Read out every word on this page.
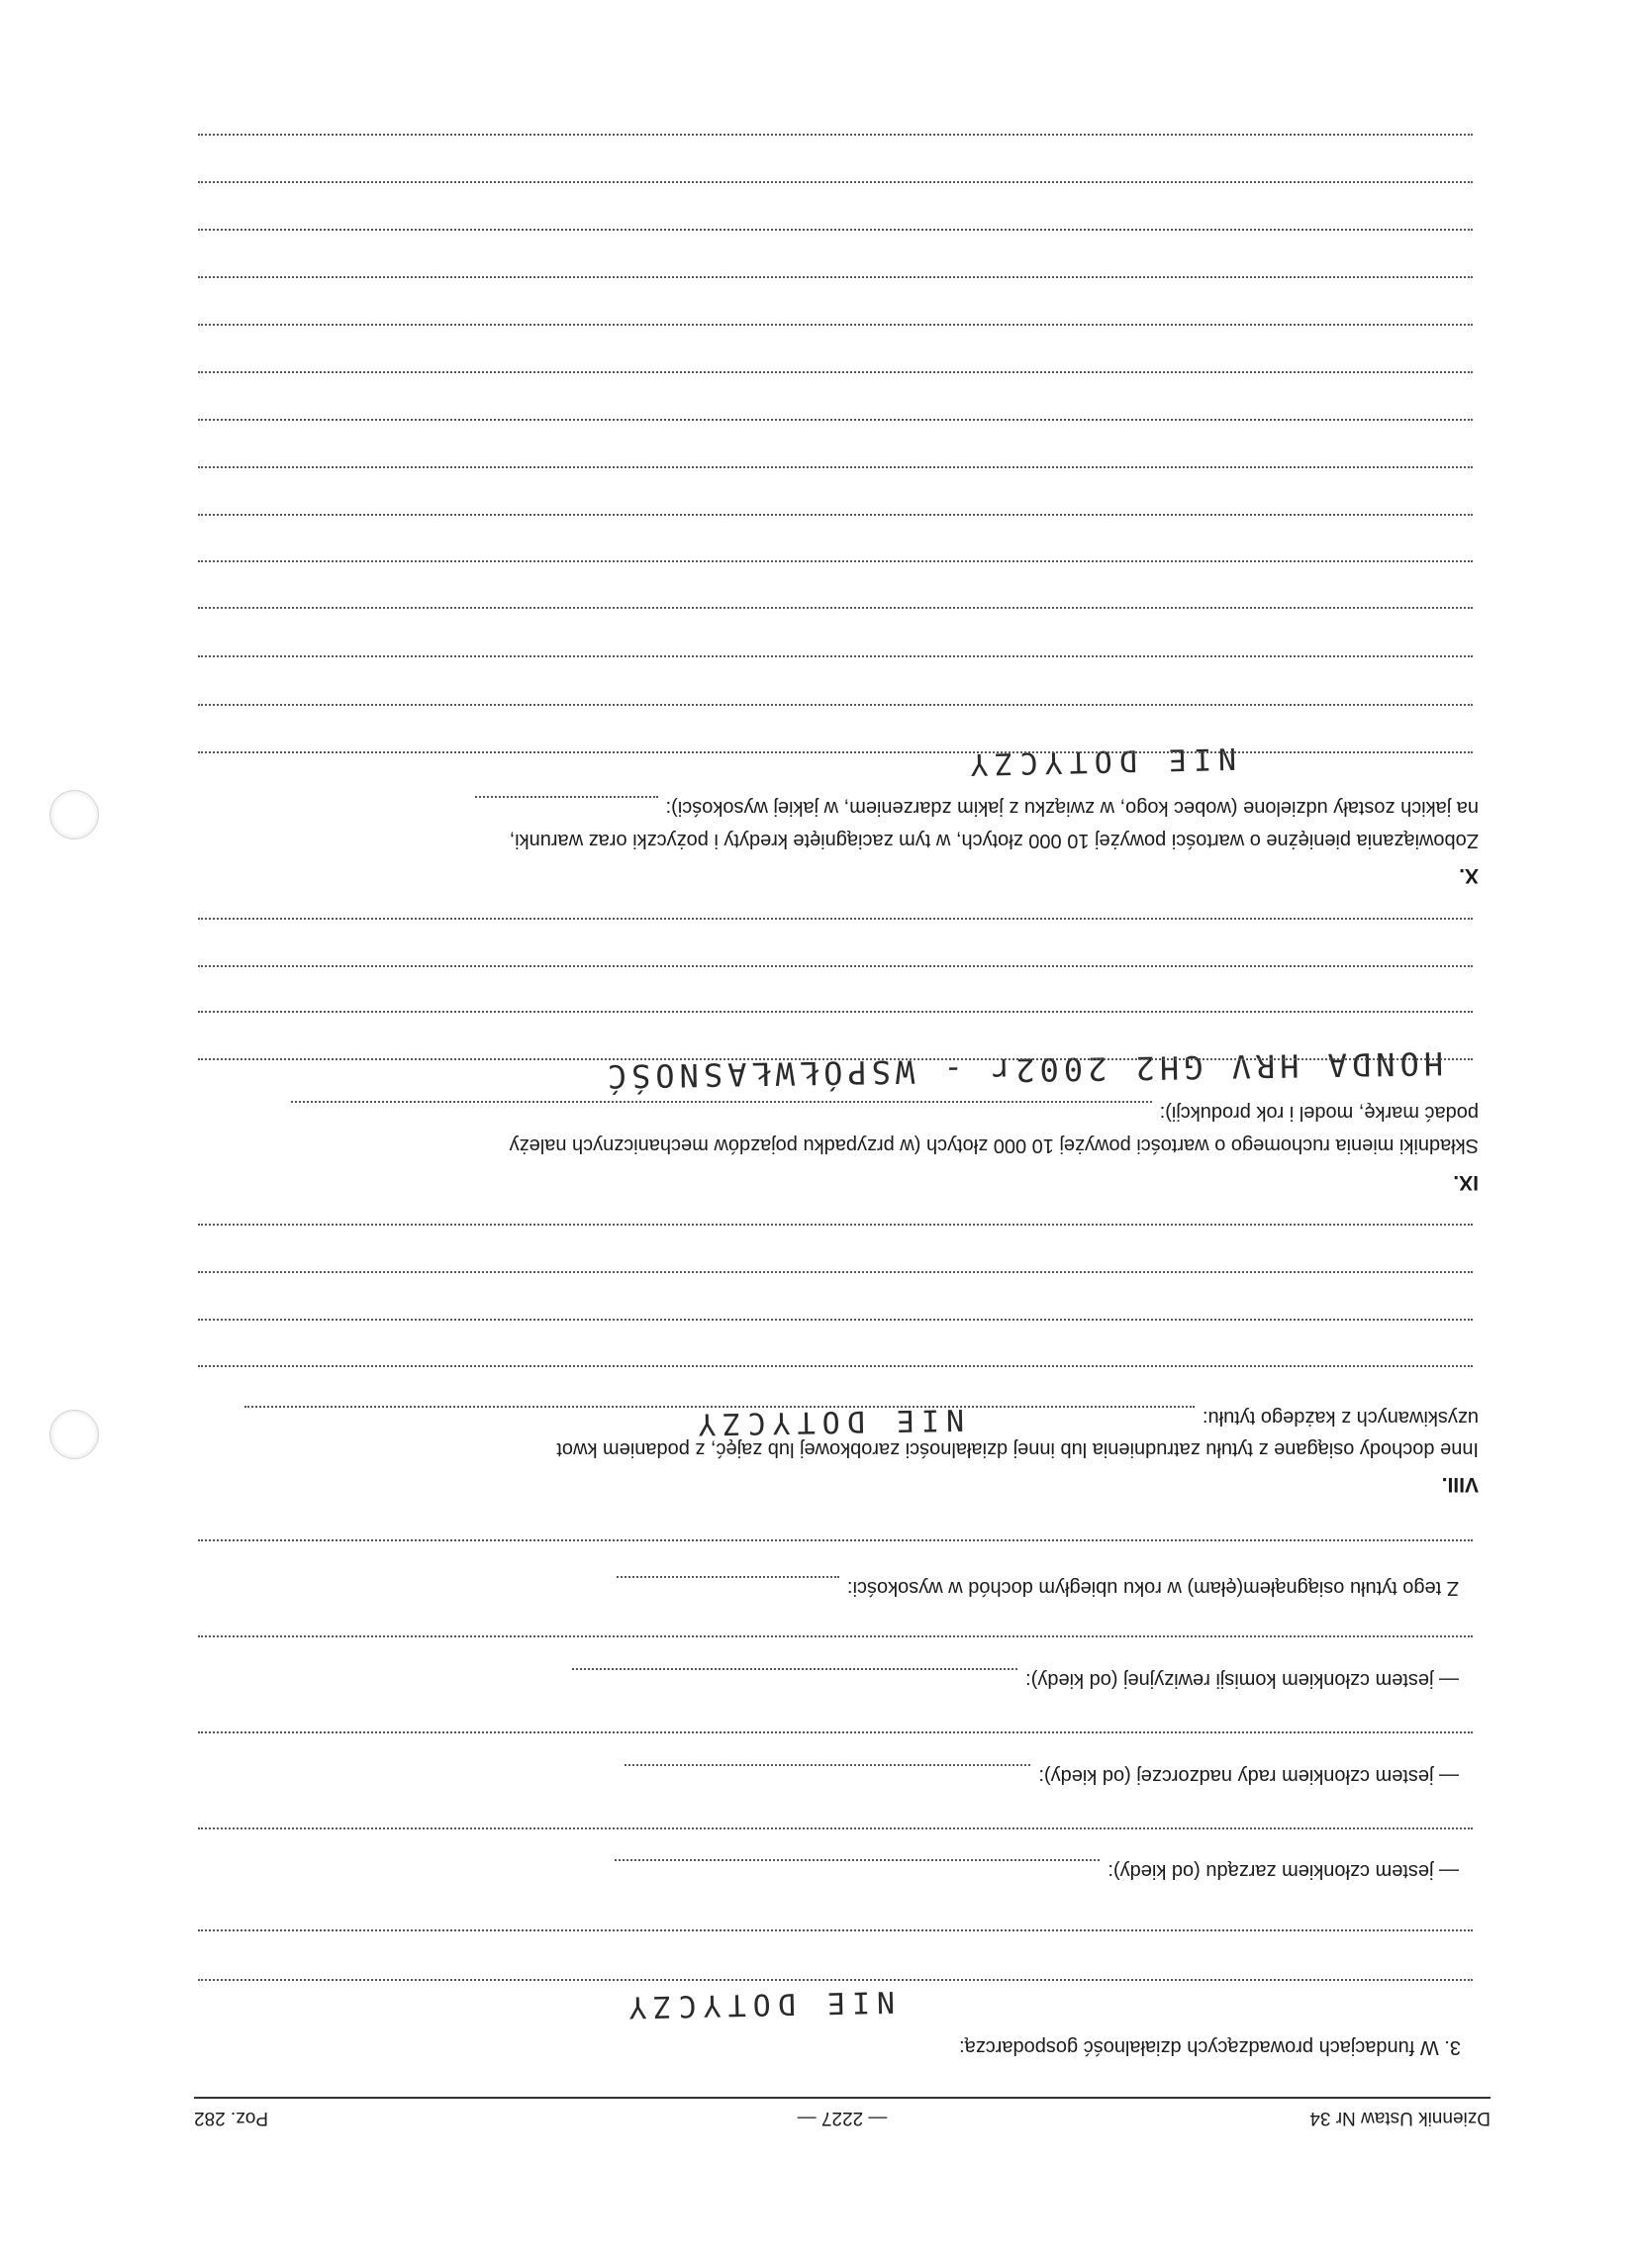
Dziennik Ustaw Nr 34
— 2227 —
Poz. 282
3. W fundacjach prowadzących działalność gospodarczą:
NIE DOTYCZY
— jestem członkiem zarządu (od kiedy):
— jestem członkiem rady nadzorczej (od kiedy):
— jestem członkiem komisji rewizyjnej (od kiedy):
Z tego tytułu osiągnąłem(ęłam) w roku ubiegłym dochód w wysokości:
VIII.
Inne dochody osiągane z tytułu zatrudnienia lub innej działalności zarobkowej lub zajęć, z podaniem kwot
uzyskiwanych z każdego tytułu:
NIE DOTYCZY
IX.
Składniki mienia ruchomego o wartości powyżej 10 000 złotych (w przypadku pojazdów mechanicznych należy
podać markę, model i rok produkcji):
HONDA HRV GH2 2002r - WSPÓŁWŁASNOŚĆ
X.
Zobowiązania pieniężne o wartości powyżej 10 000 złotych, w tym zaciągnięte kredyty i pożyczki oraz warunki,
na jakich zostały udzielone (wobec kogo, w związku z jakim zdarzeniem, w jakiej wysokości):
NIE DOTYCZY
